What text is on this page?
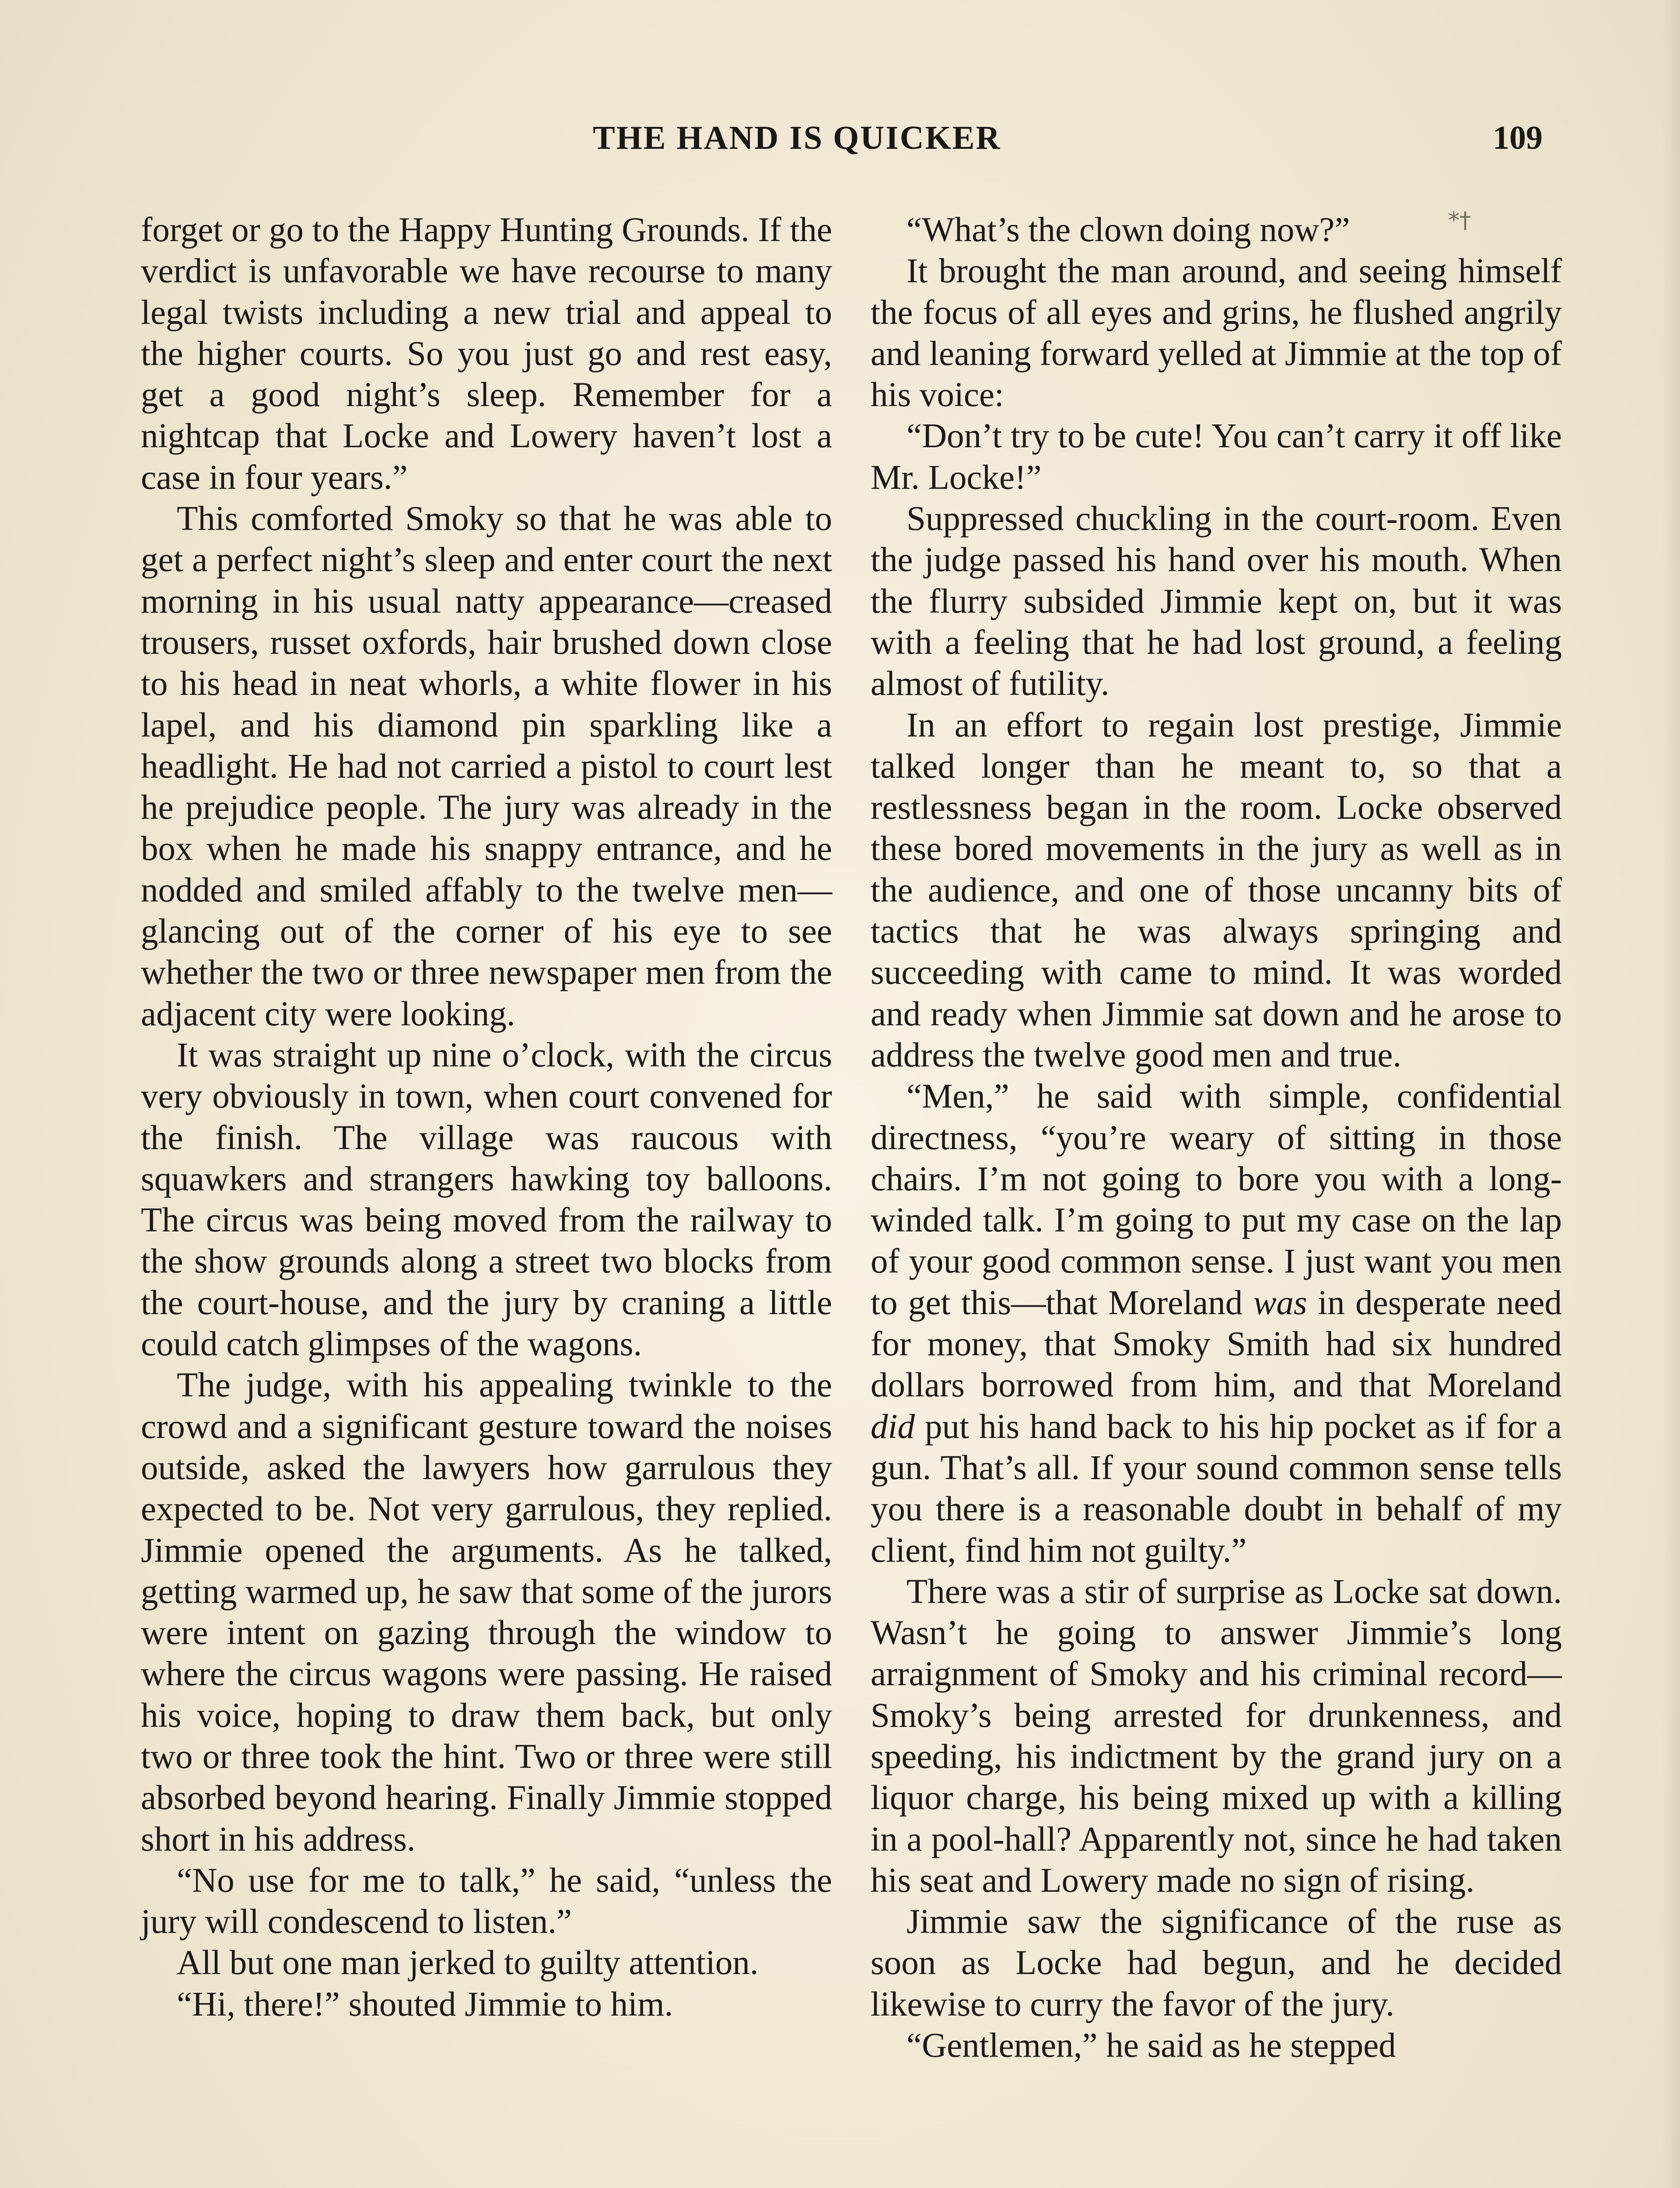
THE HAND IS QUICKER	109
*†

forget or go to the Happy Hunting Grounds. If the verdict is unfavorable we have recourse to many legal twists including a new trial and appeal to the higher courts. So you just go and rest easy, get a good night’s sleep. Remember for a nightcap that Locke and Lowery haven’t lost a case in four years.”

This comforted Smoky so that he was able to get a perfect night’s sleep and enter court the next morning in his usual natty appearance—creased trousers, russet oxfords, hair brushed down close to his head in neat whorls, a white flower in his lapel, and his diamond pin sparkling like a headlight. He had not carried a pistol to court lest he prejudice people. The jury was already in the box when he made his snappy entrance, and he nodded and smiled affably to the twelve men—glancing out of the corner of his eye to see whether the two or three newspaper men from the adjacent city were looking.

It was straight up nine o’clock, with the circus very obviously in town, when court convened for the finish. The village was raucous with squawkers and strangers hawking toy balloons. The circus was being moved from the railway to the show grounds along a street two blocks from the court-house, and the jury by craning a little could catch glimpses of the wagons.

The judge, with his appealing twinkle to the crowd and a significant gesture toward the noises outside, asked the lawyers how garrulous they expected to be. Not very garrulous, they replied. Jimmie opened the arguments. As he talked, getting warmed up, he saw that some of the jurors were intent on gazing through the window to where the circus wagons were passing. He raised his voice, hoping to draw them back, but only two or three took the hint. Two or three were still absorbed beyond hearing. Finally Jimmie stopped short in his address.

“No use for me to talk,” he said, “unless the jury will condescend to listen.”

All but one man jerked to guilty attention.

“Hi, there!” shouted Jimmie to him.

“What’s the clown doing now?”

It brought the man around, and seeing himself the focus of all eyes and grins, he flushed angrily and leaning forward yelled at Jimmie at the top of his voice:

“Don’t try to be cute! You can’t carry it off like Mr. Locke!”

Suppressed chuckling in the court-room. Even the judge passed his hand over his mouth. When the flurry subsided Jimmie kept on, but it was with a feeling that he had lost ground, a feeling almost of futility.

In an effort to regain lost prestige, Jimmie talked longer than he meant to, so that a restlessness began in the room. Locke observed these bored movements in the jury as well as in the audience, and one of those uncanny bits of tactics that he was always springing and succeeding with came to mind. It was worded and ready when Jimmie sat down and he arose to address the twelve good men and true.

“Men,” he said with simple, confidential directness, “you’re weary of sitting in those chairs. I’m not going to bore you with a long-winded talk. I’m going to put my case on the lap of your good common sense. I just want you men to get this—that Moreland was in desperate need for money, that Smoky Smith had six hundred dollars borrowed from him, and that Moreland did put his hand back to his hip pocket as if for a gun. That’s all. If your sound common sense tells you there is a reasonable doubt in behalf of my client, find him not guilty.”

There was a stir of surprise as Locke sat down. Wasn’t he going to answer Jimmie’s long arraignment of Smoky and his criminal record—Smoky’s being arrested for drunkenness, and speeding, his indictment by the grand jury on a liquor charge, his being mixed up with a killing in a pool-hall? Apparently not, since he had taken his seat and Lowery made no sign of rising.

Jimmie saw the significance of the ruse as soon as Locke had begun, and he decided likewise to curry the favor of the jury.

“Gentlemen,” he said as he stepped
